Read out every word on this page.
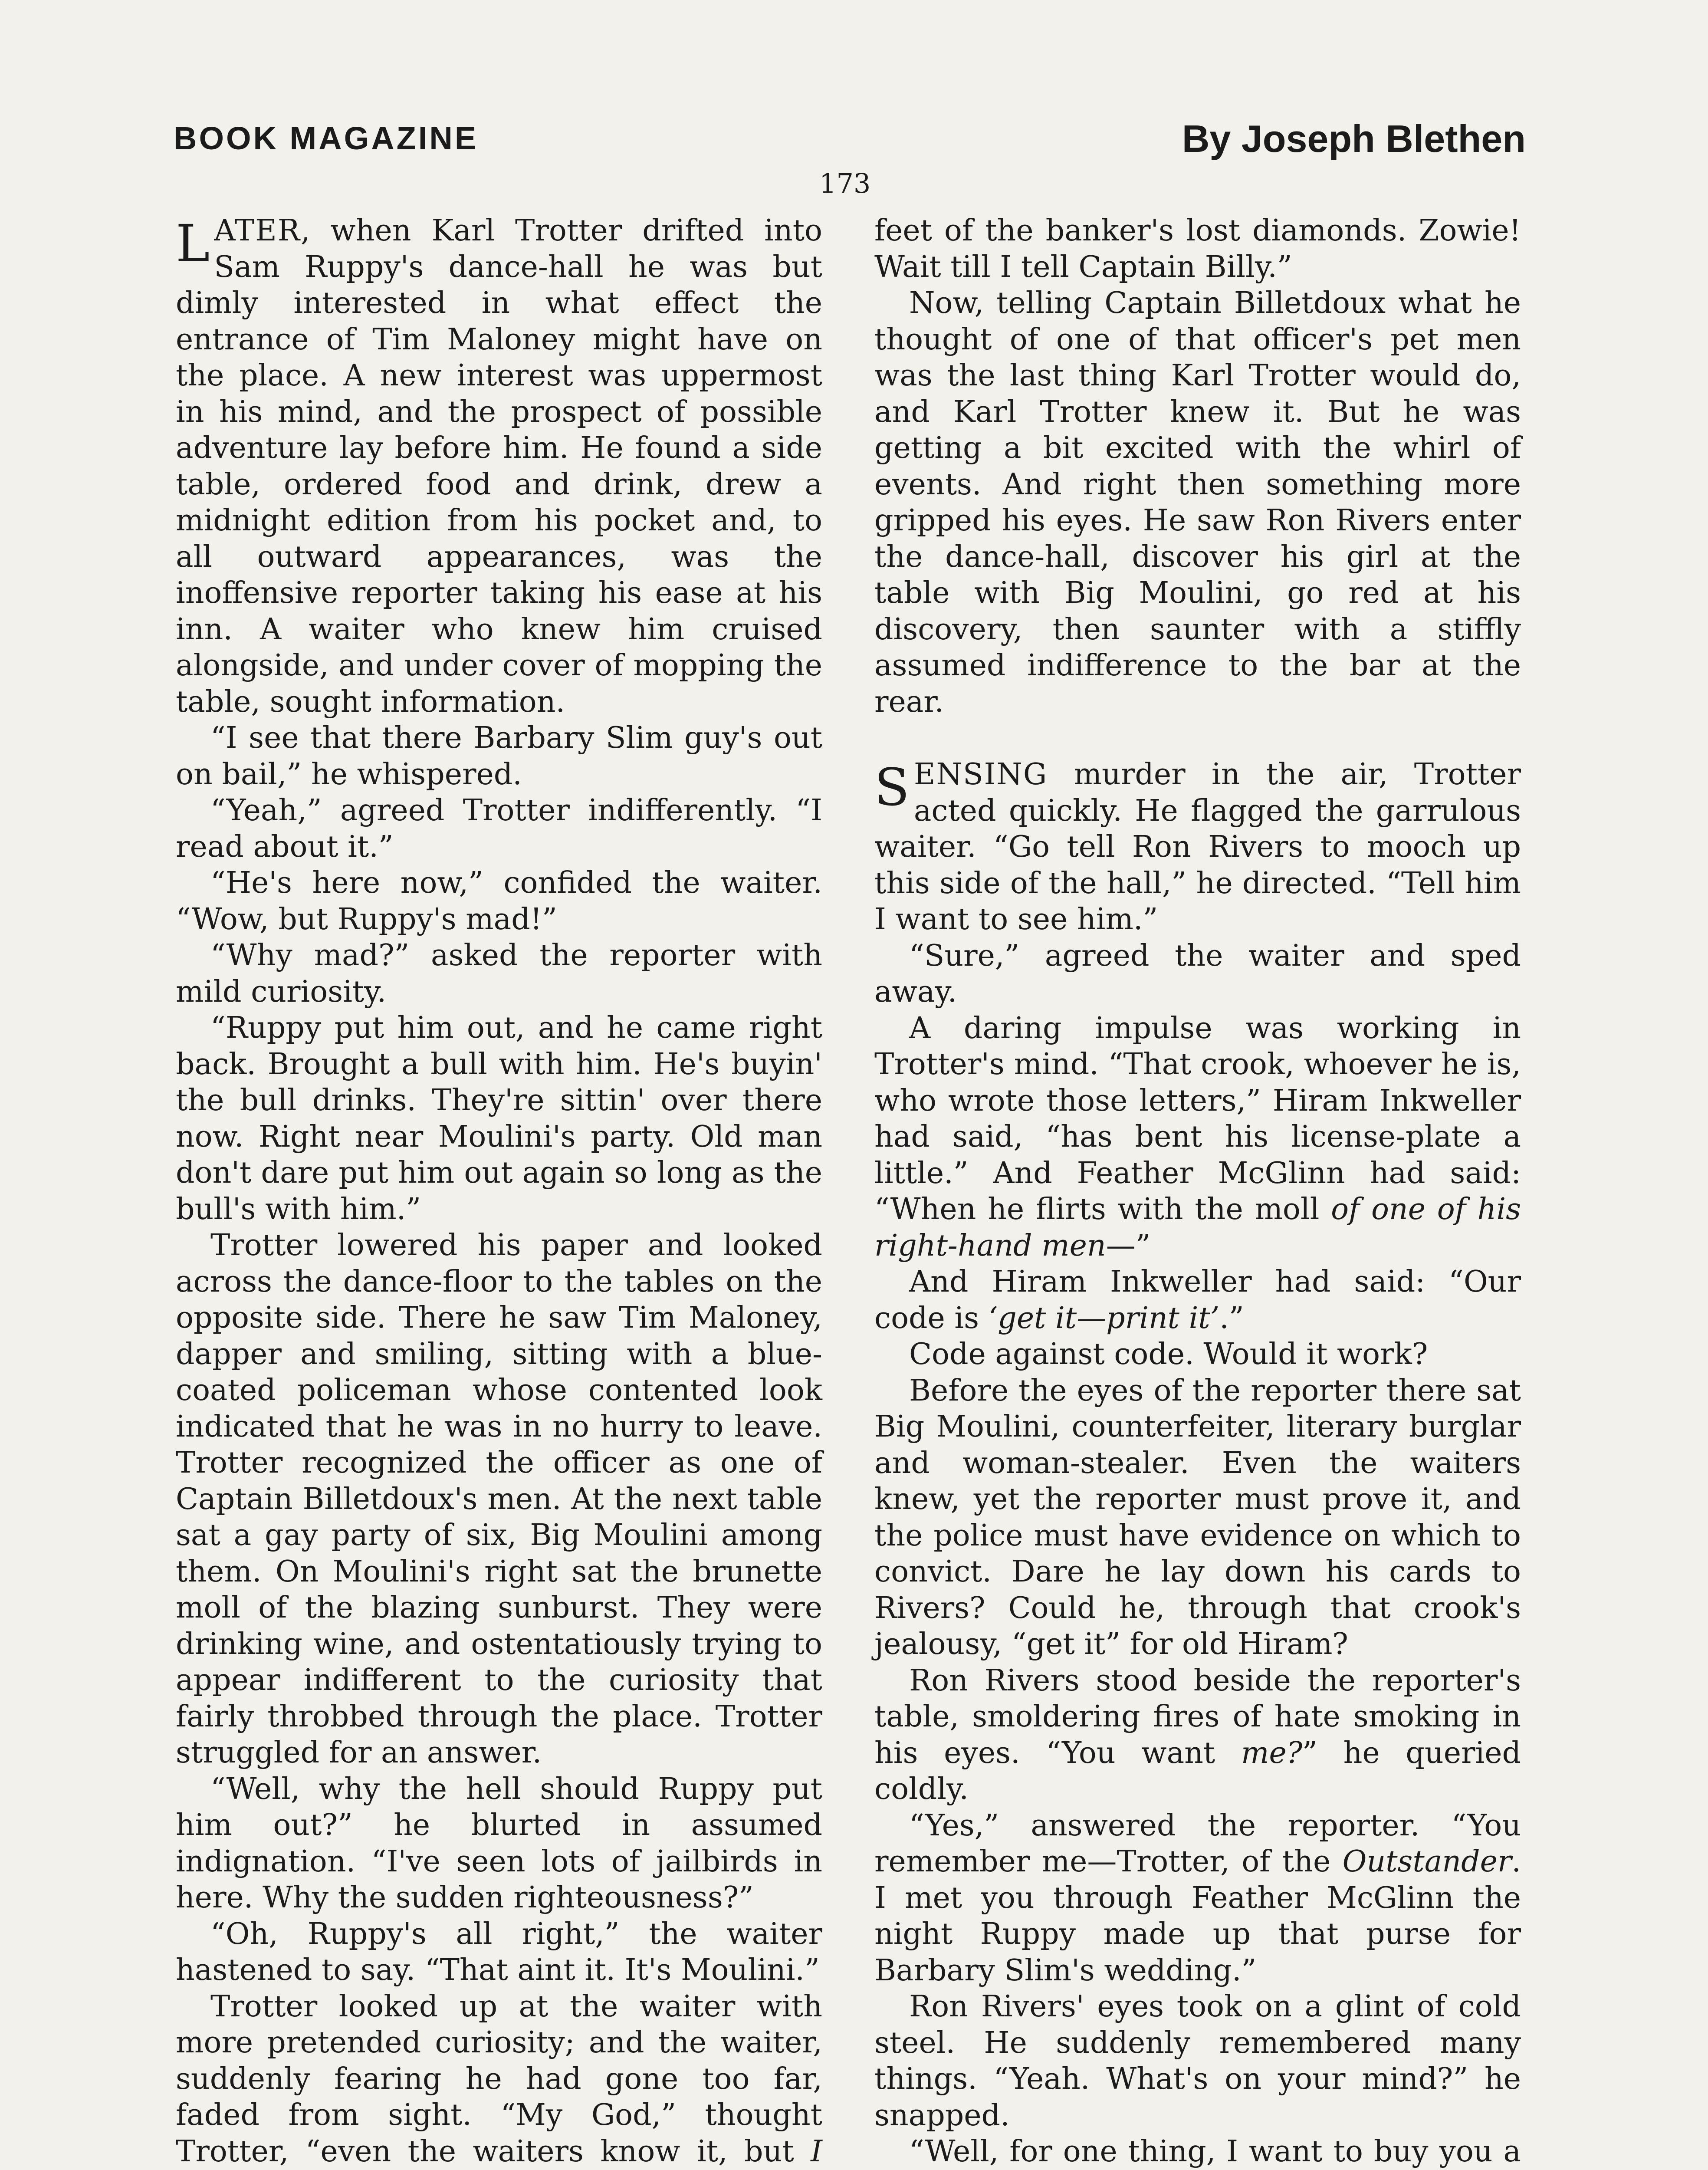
BOOK MAGAZINE	By Joseph Blethen
173

LATER, when Karl Trotter drifted into Sam Ruppy's dance-hall he was but dimly interested in what effect the entrance of Tim Maloney might have on the place. A new interest was uppermost in his mind, and the prospect of possible adventure lay before him. He found a side table, ordered food and drink, drew a midnight edition from his pocket and, to all outward appearances, was the inoffensive reporter taking his ease at his inn. A waiter who knew him cruised alongside, and under cover of mopping the table, sought information.

“I see that there Barbary Slim guy's out on bail,” he whispered.

“Yeah,” agreed Trotter indifferently. “I read about it.”

“He's here now,” confided the waiter. “Wow, but Ruppy's mad!”

“Why mad?” asked the reporter with mild curiosity.

“Ruppy put him out, and he came right back. Brought a bull with him. He's buyin' the bull drinks. They're sittin' over there now. Right near Moulini's party. Old man don't dare put him out again so long as the bull's with him.”

Trotter lowered his paper and looked across the dance-floor to the tables on the opposite side. There he saw Tim Maloney, dapper and smiling, sitting with a blue-coated policeman whose contented look indicated that he was in no hurry to leave. Trotter recognized the officer as one of Captain Billetdoux's men. At the next table sat a gay party of six, Big Moulini among them. On Moulini's right sat the brunette moll of the blazing sunburst. They were drinking wine, and ostentatiously trying to appear indifferent to the curiosity that fairly throbbed through the place. Trotter struggled for an answer.

“Well, why the hell should Ruppy put him out?” he blurted in assumed indignation. “I've seen lots of jailbirds in here. Why the sudden righteousness?”

“Oh, Ruppy's all right,” the waiter hastened to say. “That aint it. It's Moulini.”

Trotter looked up at the waiter with more pretended curiosity; and the waiter, suddenly fearing he had gone too far, faded from sight. “My God,” thought Trotter, “even the waiters know it, but I

feet of the banker's lost diamonds. Zowie! Wait till I tell Captain Billy.”

Now, telling Captain Billetdoux what he thought of one of that officer's pet men was the last thing Karl Trotter would do, and Karl Trotter knew it. But he was getting a bit excited with the whirl of events. And right then something more gripped his eyes. He saw Ron Rivers enter the dance-hall, discover his girl at the table with Big Moulini, go red at his discovery, then saunter with a stiffly assumed indifference to the bar at the rear.

SENSING murder in the air, Trotter acted quickly. He flagged the garrulous waiter. “Go tell Ron Rivers to mooch up this side of the hall,” he directed. “Tell him I want to see him.”

“Sure,” agreed the waiter and sped away.

A daring impulse was working in Trotter's mind. “That crook, whoever he is, who wrote those letters,” Hiram Inkweller had said, “has bent his license-plate a little.” And Feather McGlinn had said: “When he flirts with the moll of one of his right-hand men—”

And Hiram Inkweller had said: “Our code is ‘get it—print it’.”

Code against code. Would it work?

Before the eyes of the reporter there sat Big Moulini, counterfeiter, literary burglar and woman-stealer. Even the waiters knew, yet the reporter must prove it, and the police must have evidence on which to convict. Dare he lay down his cards to Rivers? Could he, through that crook's jealousy, “get it” for old Hiram?

Ron Rivers stood beside the reporter's table, smoldering fires of hate smoking in his eyes. “You want me?” he queried coldly.

“Yes,” answered the reporter. “You remember me—Trotter, of the Outstander. I met you through Feather McGlinn the night Ruppy made up that purse for Barbary Slim's wedding.”

Ron Rivers' eyes took on a glint of cold steel. He suddenly remembered many things. “Yeah. What's on your mind?” he snapped.

“Well, for one thing, I want to buy you a
